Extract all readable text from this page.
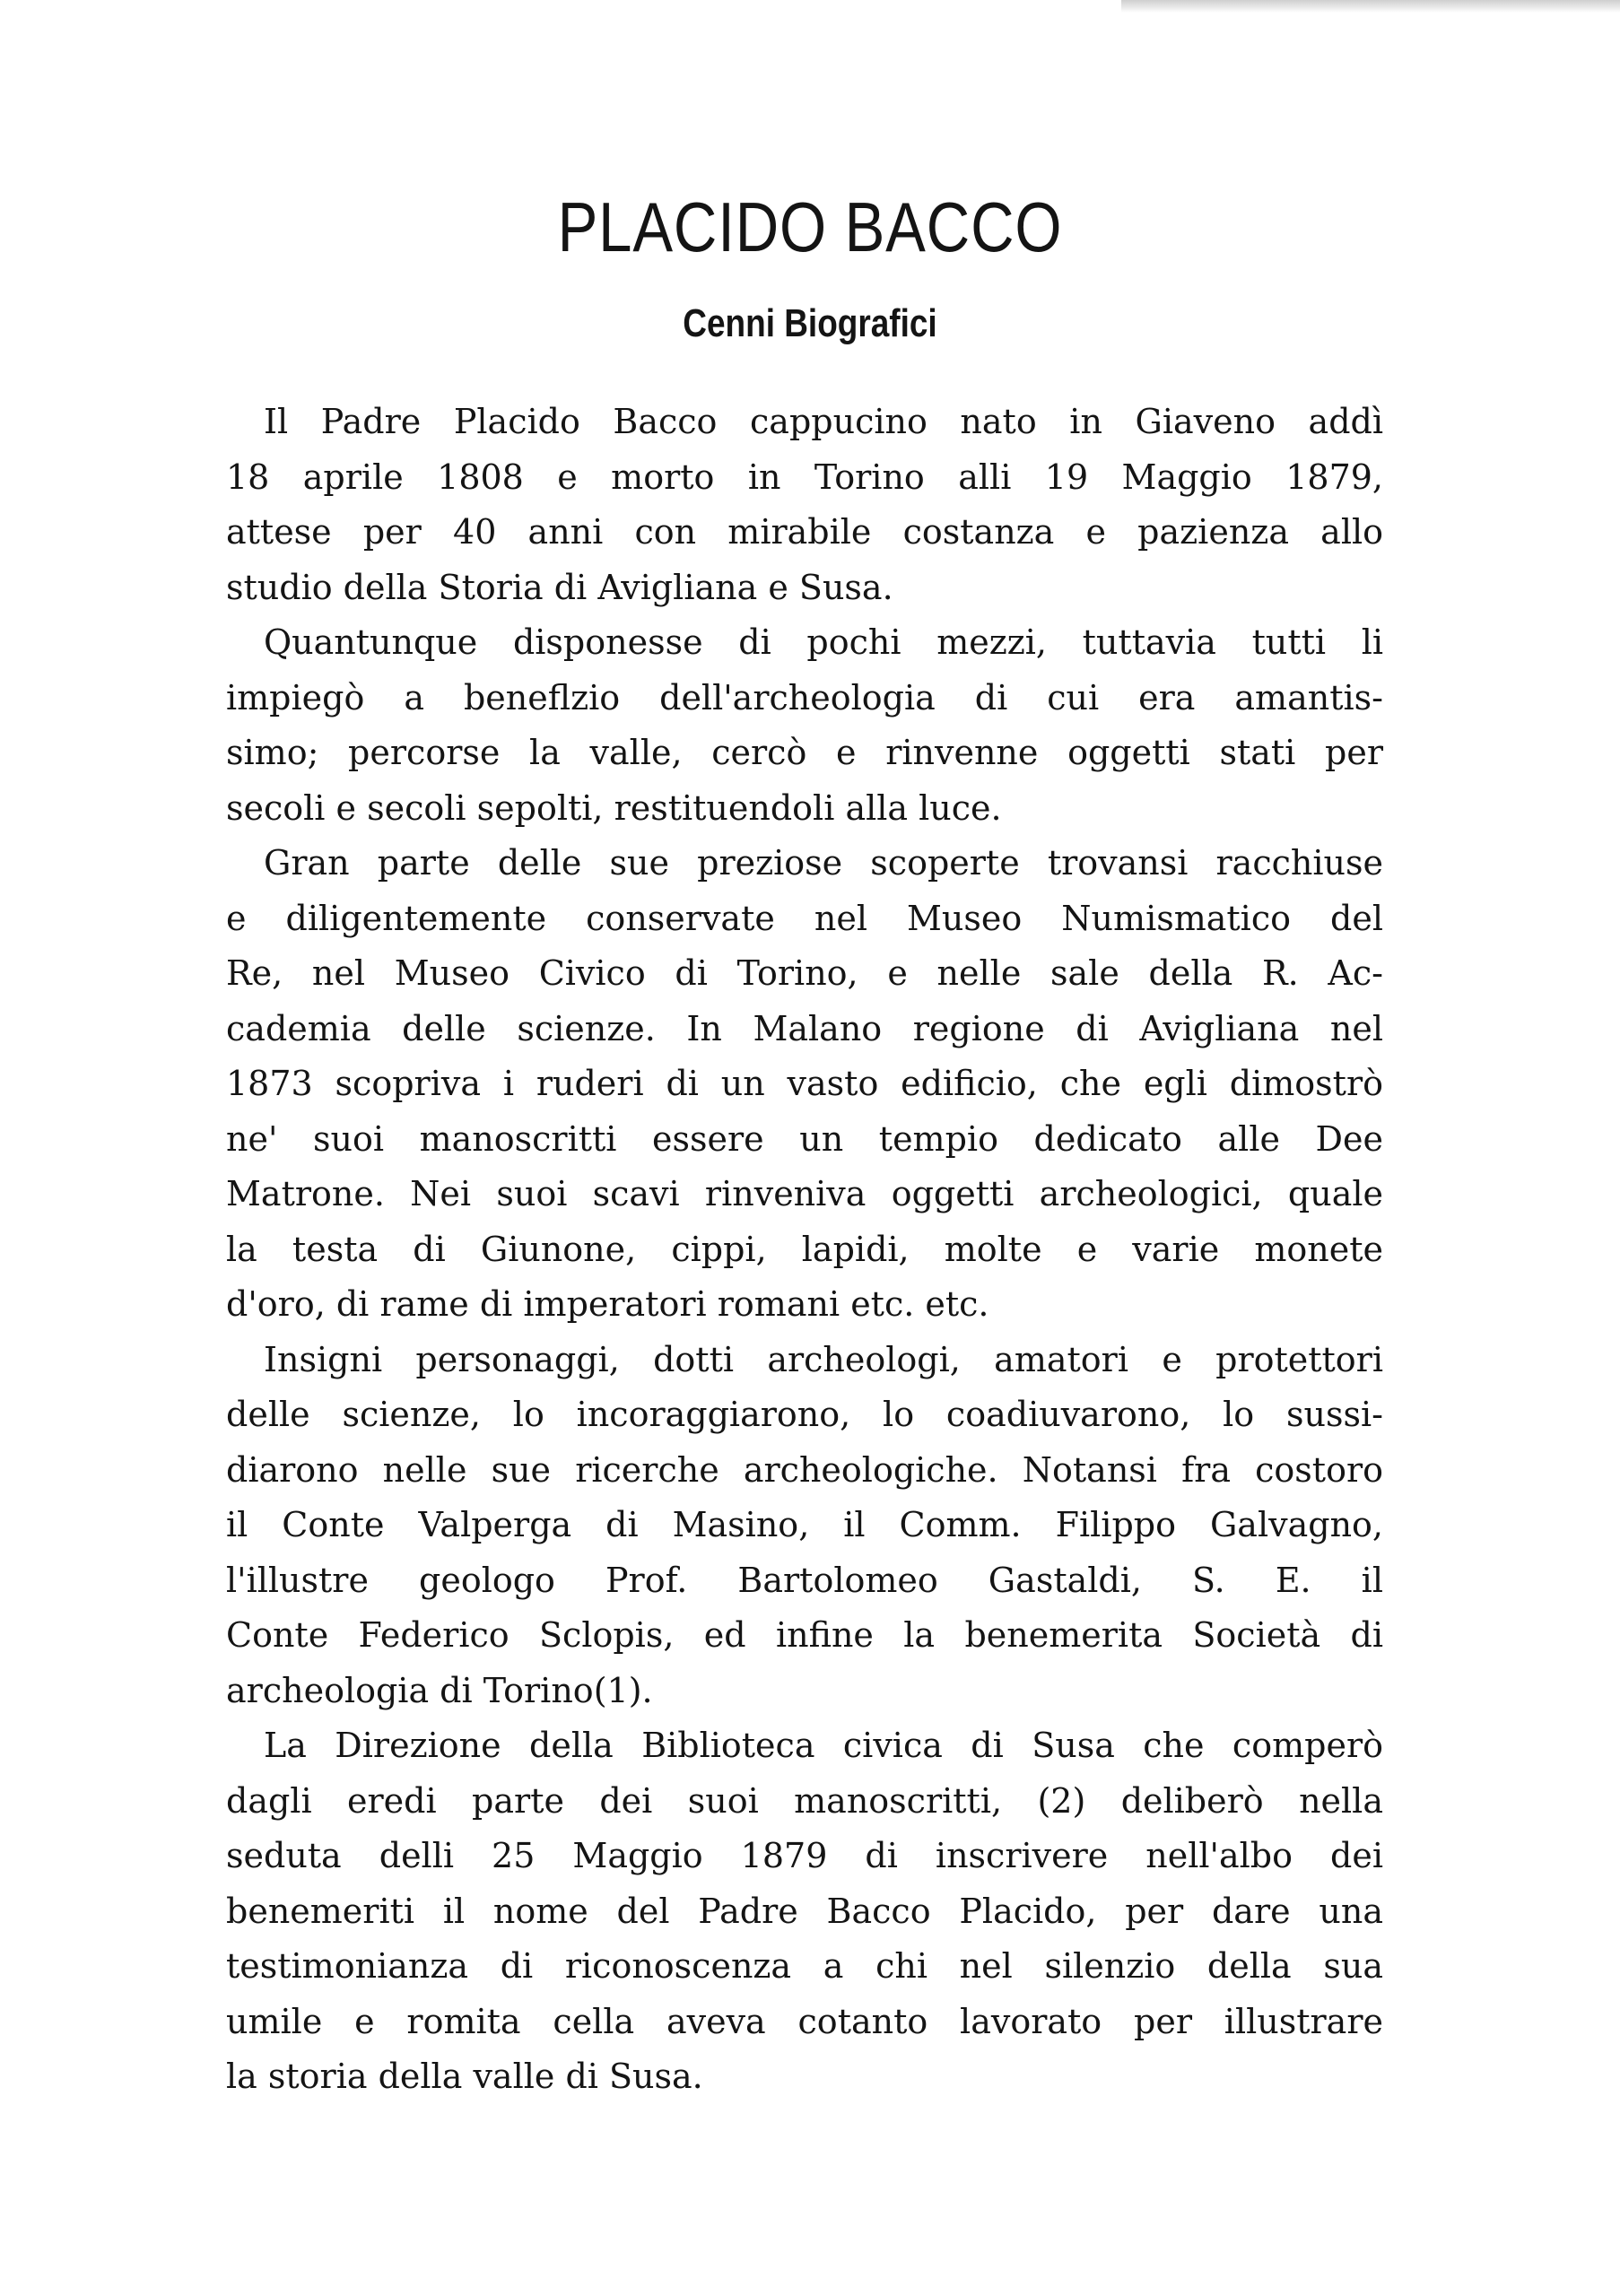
PLACIDO BACCO
Cenni Biografici
Il Padre Placido Bacco cappucino nato in Giaveno addì
18 aprile 1808 e morto in Torino alli 19 Maggio 1879,
attese per 40 anni con mirabile costanza e pazienza allo
studio della Storia di Avigliana e Susa.
Quantunque disponesse di pochi mezzi, tuttavia tutti li
impiegò a beneflzio dell'archeologia di cui era amantis-
simo; percorse la valle, cercò e rinvenne oggetti stati per
secoli e secoli sepolti, restituendoli alla luce.
Gran parte delle sue preziose scoperte trovansi racchiuse
e diligentemente conservate nel Museo Numismatico del
Re, nel Museo Civico di Torino, e nelle sale della R. Ac-
cademia delle scienze. In Malano regione di Avigliana nel
1873 scopriva i ruderi di un vasto edificio, che egli dimostrò
ne' suoi manoscritti essere un tempio dedicato alle Dee
Matrone. Nei suoi scavi rinveniva oggetti archeologici, quale
la testa di Giunone, cippi, lapidi, molte e varie monete
d'oro, di rame di imperatori romani etc. etc.
Insigni personaggi, dotti archeologi, amatori e protettori
delle scienze, lo incoraggiarono, lo coadiuvarono, lo sussi-
diarono nelle sue ricerche archeologiche. Notansi fra costoro
il Conte Valperga di Masino, il Comm. Filippo Galvagno,
l'illustre geologo Prof. Bartolomeo Gastaldi, S. E. il
Conte Federico Sclopis, ed infine la benemerita Società di
archeologia di Torino(1).
La Direzione della Biblioteca civica di Susa che comperò
dagli eredi parte dei suoi manoscritti, (2) deliberò nella
seduta delli 25 Maggio 1879 di inscrivere nell'albo dei
benemeriti il nome del Padre Bacco Placido, per dare una
testimonianza di riconoscenza a chi nel silenzio della sua
umile e romita cella aveva cotanto lavorato per illustrare
la storia della valle di Susa.
